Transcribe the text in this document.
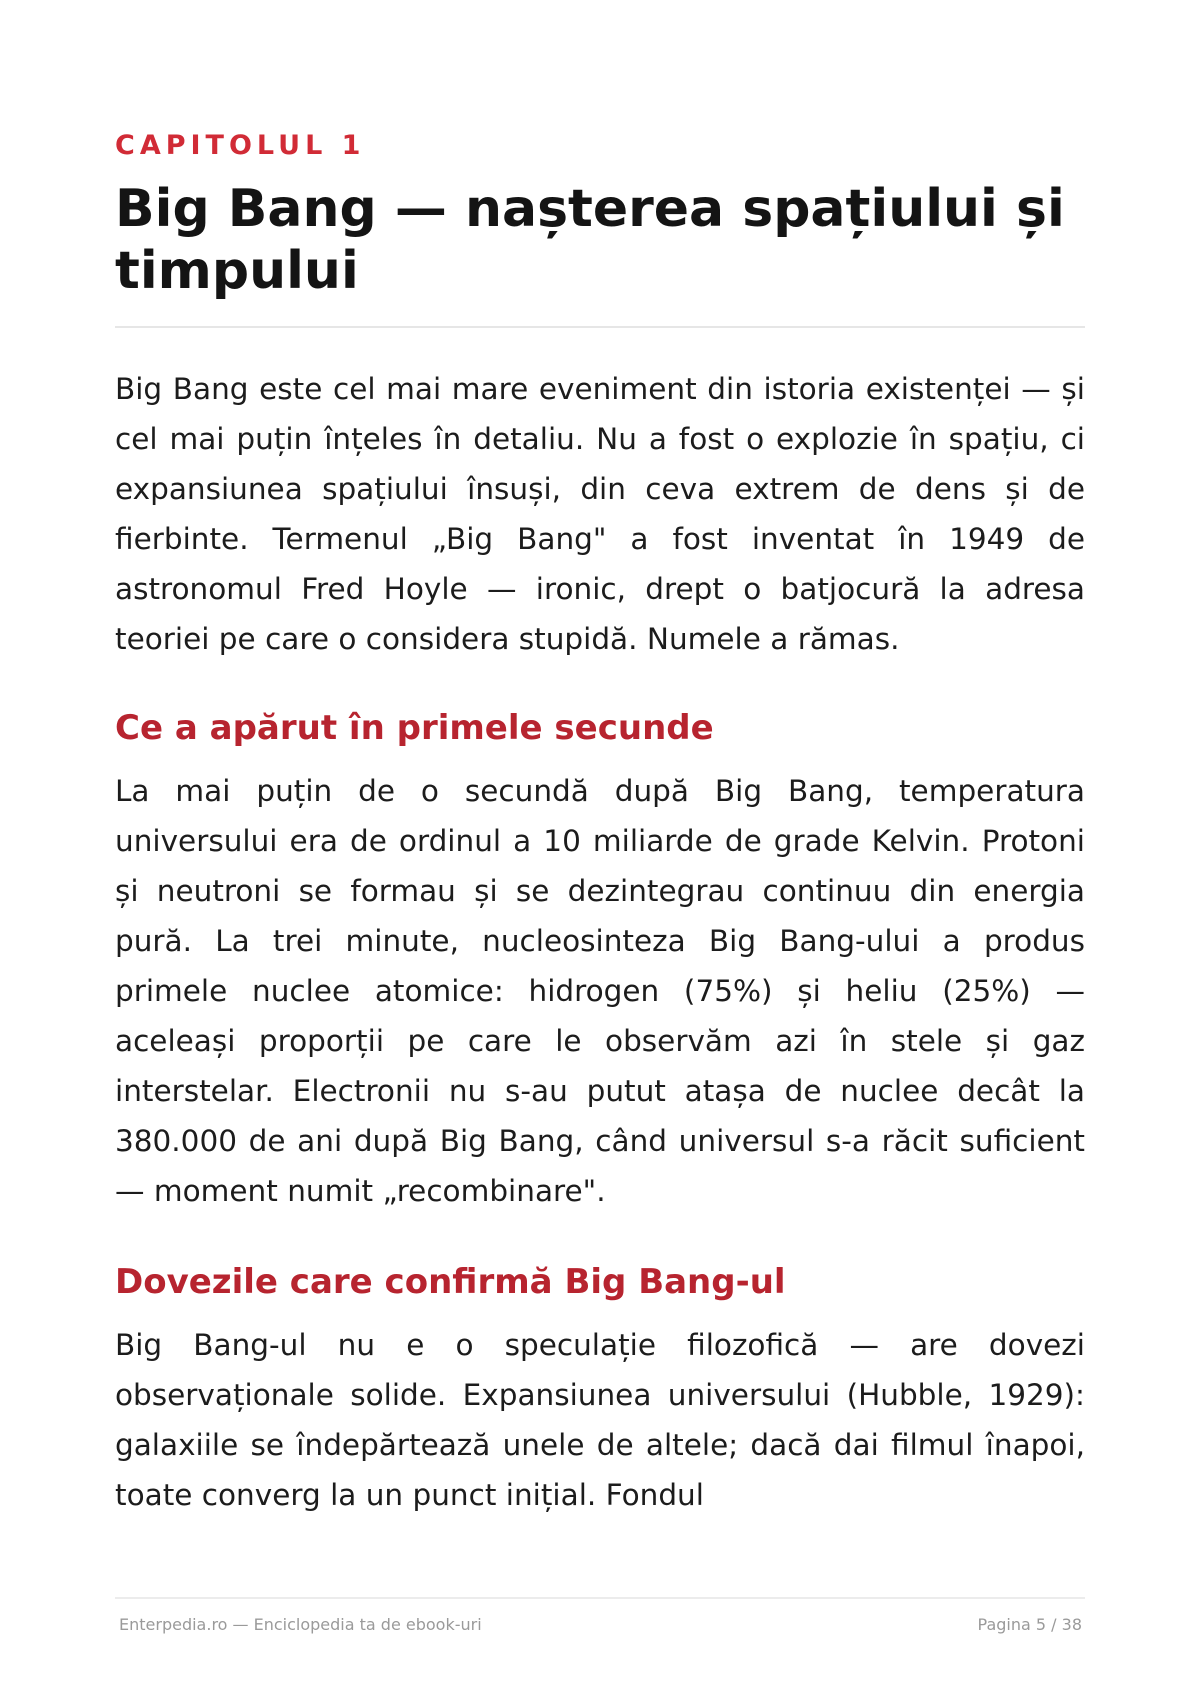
CAPITOLUL 1
Big Bang — nașterea spațiului și timpului

Big Bang este cel mai mare eveniment din istoria existenței — și cel mai puțin înțeles în detaliu. Nu a fost o explozie în spațiu, ci expansiunea spațiului însuși, din ceva extrem de dens și de fierbinte. Termenul „Big Bang" a fost inventat în 1949 de astronomul Fred Hoyle — ironic, drept o batjocură la adresa teoriei pe care o considera stupidă. Numele a rămas.

Ce a apărut în primele secunde

La mai puțin de o secundă după Big Bang, temperatura universului era de ordinul a 10 miliarde de grade Kelvin. Protoni și neutroni se formau și se dezintegrau continuu din energia pură. La trei minute, nucleosinteza Big Bang-ului a produs primele nuclee atomice: hidrogen (75%) și heliu (25%) — aceleași proporții pe care le observăm azi în stele și gaz interstelar. Electronii nu s-au putut atașa de nuclee decât la 380.000 de ani după Big Bang, când universul s-a răcit suficient — moment numit „recombinare".

Dovezile care confirmă Big Bang-ul

Big Bang-ul nu e o speculație filozofică — are dovezi observaționale solide. Expansiunea universului (Hubble, 1929): galaxiile se îndepărtează unele de altele; dacă dai filmul înapoi, toate converg la un punct inițial. Fondul

Enterpedia.ro — Enciclopedia ta de ebook-uri	Pagina 5 / 38
